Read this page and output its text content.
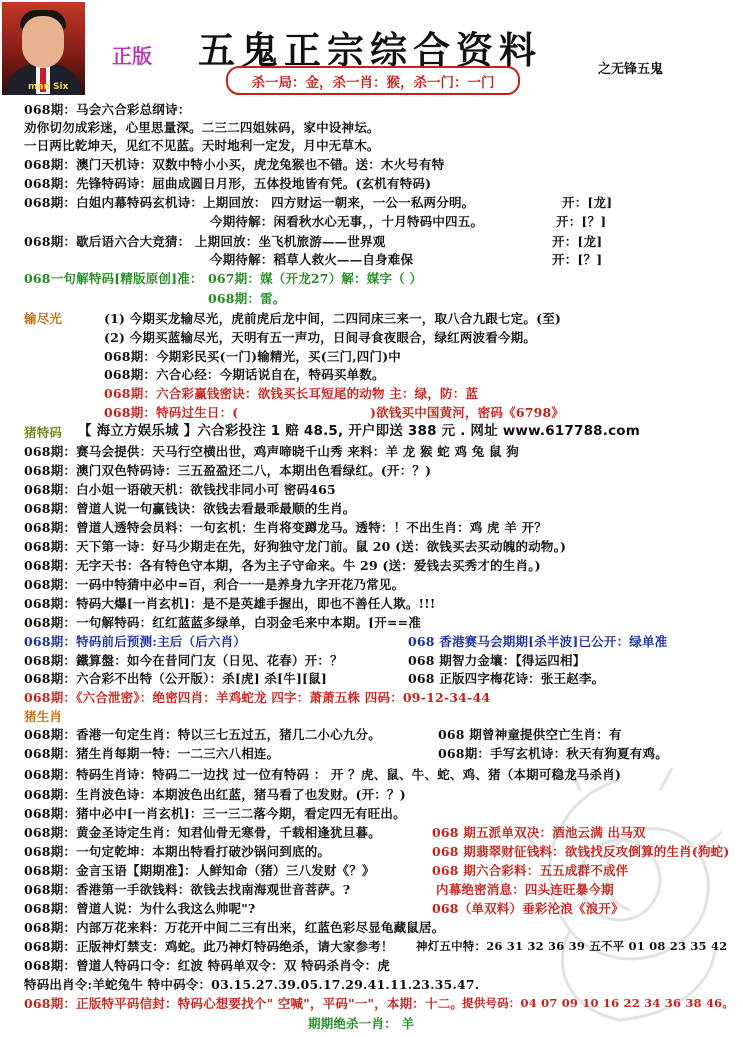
man Six
正版 五鬼正宗综合资料
杀一局：金，杀一肖：猴，杀一门：一门
之无锋五鬼
068期：马会六合彩总纲诗：
劝你切勿成彩迷，心里思量深。二三二四姐妹码，家中设神坛。
一日两比乾坤天，见红不见蓝。天时地利一定发，月中无草木。
068期：澳门天机诗：双数中特小小买，虎龙兔猴也不错。送：木火号有特
068期：先锋特码诗：屈曲成圆日月形，五体投地皆有凭。(玄机有特码)
068期：白姐内幕特码玄机诗：上期回放： 四方财运一朝来，一公一私两分明。	开：[龙]
今期待解：闲看秋水心无事，，十月特码中四五。	开：[？]
068期：歇后语六合大竞猜： 上期回放：坐飞机旅游——世界观	开：[龙]
今期待解：稻草人救火——自身难保	开：[？]
068一句解特码[精版原创]准： 067期：媒（开龙27）解：媒字（ ）
068期：雷。
输尽光	(1) 今期买龙输尽光，虎前虎后龙中间，二四同床三来一，取八合九跟七定。(至)
(2) 今期买蓝输尽光，天明有五一声功，日间寻食夜眼合，绿红两波看今期。
068期：今期彩民买(一门)输精光，买(三门,四门)中
068期：六合心经：今期话说自在，特码买单数。
068期：六合彩赢钱密诀：欲钱买长耳短尾的动物 主：绿，防：蓝
068期：特码过生日：(	)欲钱买中国黄河，密码《6798》
猪特码 【 海立方娱乐城 】六合彩投注 1 赔 48.5, 开户即送 388 元 . 网址 www.617788.com
068期：赛马会提供：天马行空横出世，鸡声啼晓千山秀 来料：羊 龙 猴 蛇 鸡 兔 鼠 狗
068期：澳门双色特码诗：三五盈盈还二八，本期出色看绿红。(开：？)
068期：白小姐一语破天机：欲钱找非同小可 密码465
068期：曾道人说一句赢钱诀：欲钱去看最乖最顺的生肖。
068期：曾道人透特会员料：一句玄机：生肖将变蹲龙马。透特：！不出生肖：鸡 虎 羊 开？
068期：天下第一诗：好马少期走在先，好狗独守龙门前。鼠 20 (送：欲钱买去买动魄的动物。)
068期：无字天书：各有特色守本期，各为主子守命来。牛 29 (送：爱钱去买秀才的生肖。)
068期：一码中特猜中必中=百，利合一一是养身九字开花乃常见。
068期：特码大爆[一肖玄机]：是不是英雄手握出，即也不善任人欺。!!!
068期：一句解特码：红红蓝蓝多绿单，白羽金毛来中本期。[开==准
068期：特码前后预测:主后（后六肖）	068 香港赛马会期期[杀半波]已公开：绿单准
068期：鐵算盤：如今在昔同门友（日见、花春）开：？	068 期智力金壤：【得运四相】
068期：六合彩不出特（公开版）：杀[虎] 杀[牛][鼠]	068 正版四字梅花诗：张王赵李。
068期：《六合泄密》：绝密四肖：羊鸡蛇龙 四字：萧萧五株 四码：09-12-34-44
猪生肖
068期：香港一句定生肖：特以三七五过五，猪几二小心九分。	068 期曾神童提供空亡生肖：有
068期：猪生肖每期一特：一二三六八相连。	068期：手写玄机诗：秋天有狗夏有鸡。
068期：特码生肖诗：特码二一边找 过一位有特码 ： 开 ？虎、鼠、牛、蛇、鸡、猪（本期可稳龙马杀肖)
068期：生肖波色诗：本期波色出红蓝，猪马看了也发财。(开：？)
068期：猪中必中[一肖玄机]：三一三二落今期，看定四无有旺出。
068期：黄金圣诗定生肖：知君仙骨无寒骨，千载相逢犹旦暮。	068 期五派单双决：酒池云满 出马双
068期：一句定乾坤：本期出特看打破沙锅问到底的。	068 期翡翠财征钱料：欲钱找反攻倒算的生肖(狗蛇)
068期：金言玉语【期期准】：人鲜知命（猪）三八发财《？》	068 期六合彩料：五五成群不成伴
068期：香港第一手欲钱料：欲钱去找南海观世音菩萨。?	内幕绝密消息：四头连旺暴今期
068期：曾道人说：为什么我这么帅呢"?	068（单双料）垂彩沦浪《浪开》
068期：内部万花来料：万花开中间二三有出来，红蓝色彩尽显龟藏鼠居。
068期：正版神灯禁支：鸡蛇。此乃神灯特码绝杀，请大家参考！ 神灯五中特：26 31 32 36 39 五不平 01 08 23 35 42
068期：曾道人特码口令：红波 特码单双令：双 特码杀肖令：虎
特码出肖令:羊蛇兔牛 特中码令：03.15.27.39.05.17.29.41.11.23.35.47.
068期：正版特平码信封：特码心想要找个" 空喊"，平码"一"，本期：十二。
提供号码：04 07 09 10 16 22 34 36 38 46。
期期绝杀一肖： 羊
